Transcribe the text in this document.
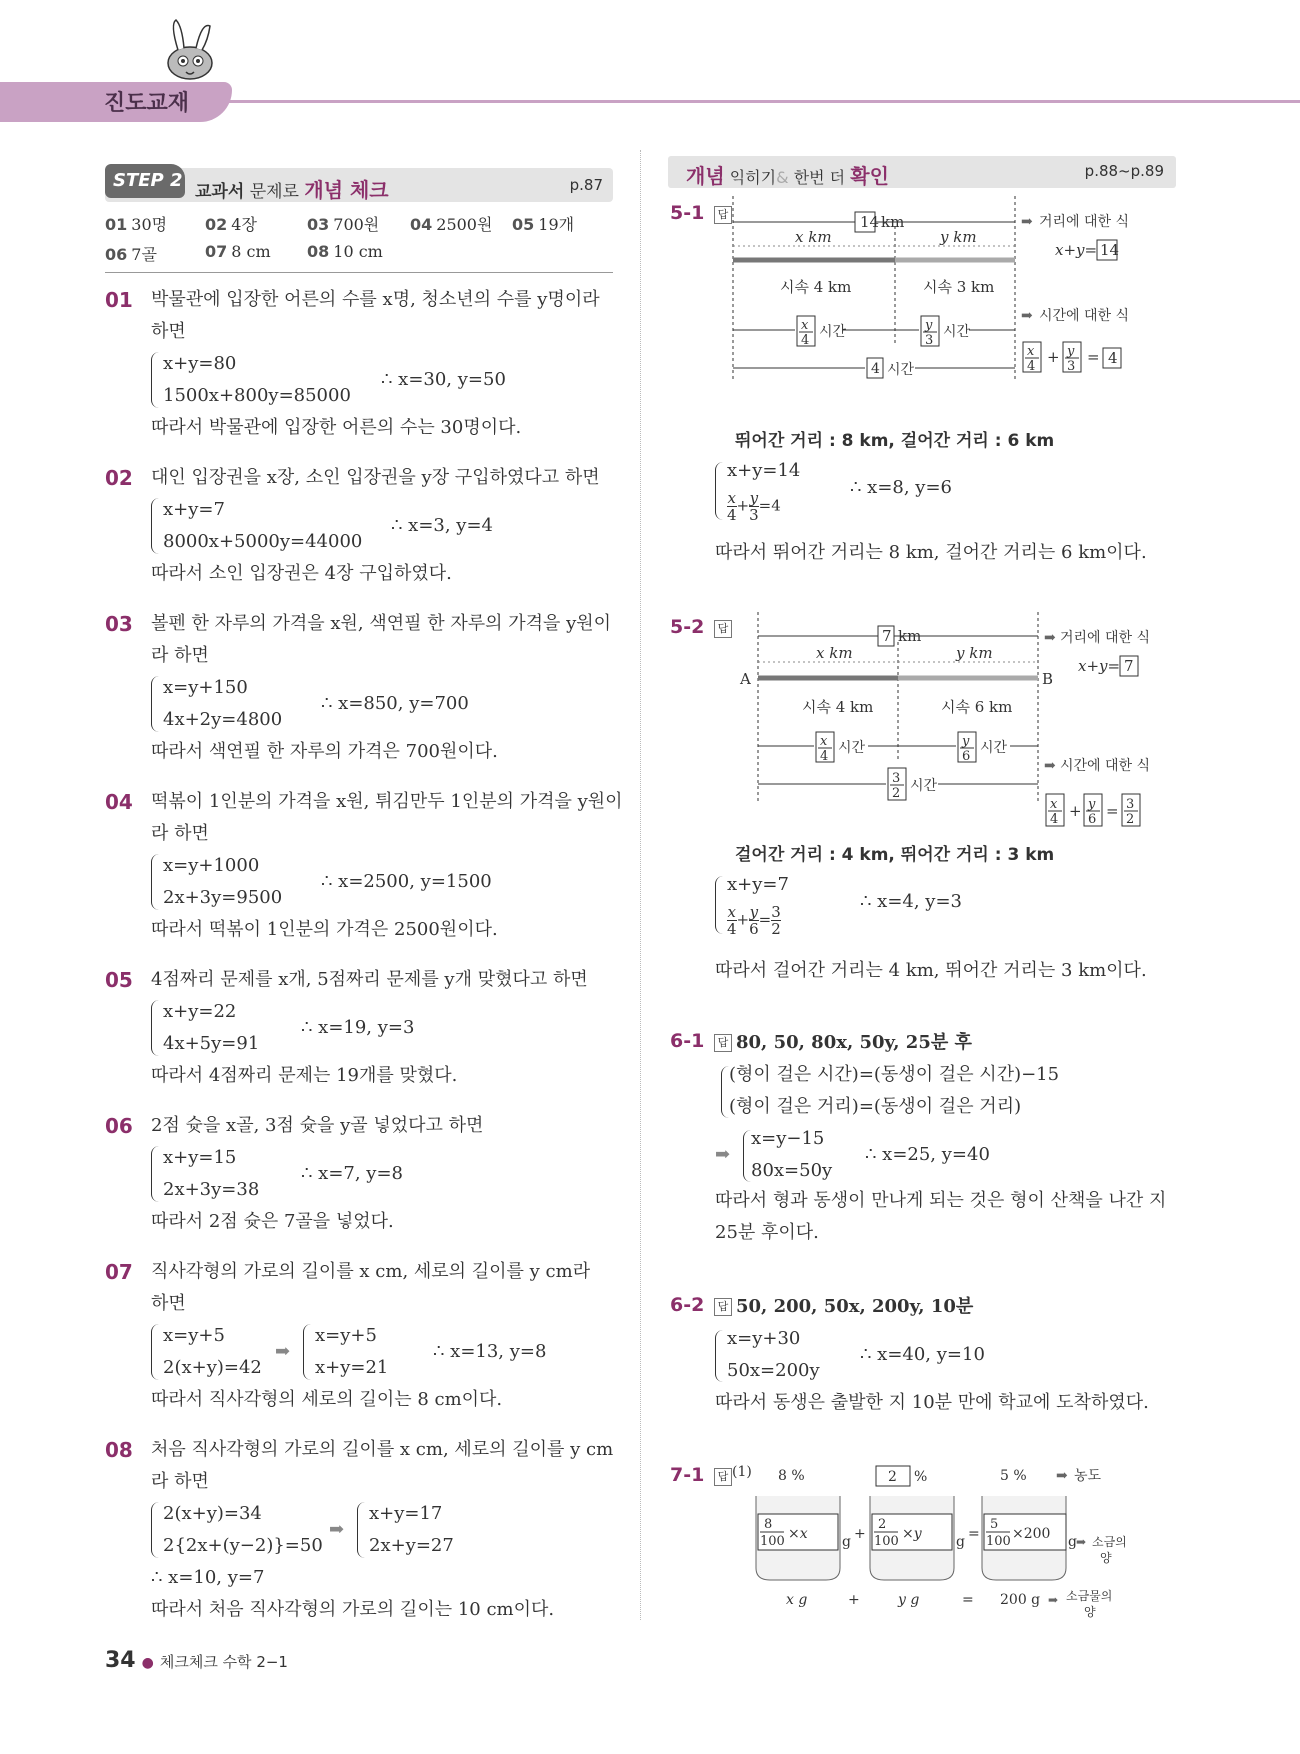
진도교재
STEP 2
교과서 문제로 개념 체크	p.87
01 30명 02 4장	03 700원 04 2500원 05 19개
06 7골	07 8 cm 08 10 cm
01 박물관에 입장한 어른의 수를 x명, 청소년의 수를 y명이라
하면
x+y=80
1500x+800y=85000
∴ x=30, y=50
따라서 박물관에 입장한 어른의 수는 30명이다.
02 대인 입장권을 x장, 소인 입장권을 y장 구입하였다고 하면
x+y=7
8000x+5000y=44000
∴ x=3, y=4
따라서 소인 입장권은 4장 구입하였다.
03 볼펜 한 자루의 가격을 x원, 색연필 한 자루의 가격을 y원이
라 하면
x=y+150
4x+2y=4800
∴ x=850, y=700
따라서 색연필 한 자루의 가격은 700원이다.
04 떡볶이 1인분의 가격을 x원, 튀김만두 1인분의 가격을 y원이
라 하면
x=y+1000
2x+3y=9500
∴ x=2500, y=1500
따라서 떡볶이 1인분의 가격은 2500원이다.
05 4점짜리 문제를 x개, 5점짜리 문제를 y개 맞혔다고 하면
x+y=22
4x+5y=91
∴ x=19, y=3
따라서 4점짜리 문제는 19개를 맞혔다.
06 2점 슛을 x골, 3점 슛을 y골 넣었다고 하면
x+y=15
2x+3y=38
∴ x=7, y=8
따라서 2점 슛은 7골을 넣었다.
07 직사각형의 가로의 길이를 x cm, 세로의 길이를 y cm라
하면
x=y+5
2(x+y)=42
➡
x=y+5
x+y=21
∴ x=13, y=8
따라서 직사각형의 세로의 길이는 8 cm이다.
08 처음 직사각형의 가로의 길이를 x cm, 세로의 길이를 y cm
라 하면
2(x+y)=34
2{2x+(y−2)}=50
➡
x+y=17
2x+y=27
∴ x=10, y=7
따라서 처음 직사각형의 가로의 길이는 10 cm이다.
개념 익히기& 한번 더 확인	p.88~p.89
5-1	답	14 km
x km	y km
시속 4 km	시속 3 km
x
4
시간	y
3
시간
4 시간
➡ 거리에 대한 식
x+y= 14
➡ 시간에 대한 식
x
4
+ y
3
= 4
뛰어간 거리 : 8 km, 걸어간 거리 : 6 km
x+y=14
$\frac{x}{4} + \frac{y}{3} =4$
∴ x=8, y=6
따라서 뛰어간 거리는 8 km, 걸어간 거리는 6 km이다.
5-2	답	7 km
x km	y km
A	B
시속 4 km	시속 6 km
x
4
시간	y
6
시간
3
2 시간
➡ 거리에 대한 식
x+y= 7
➡ 시간에 대한 식
x
4 + y
6 = 3
2
걸어간 거리 : 4 km, 뛰어간 거리 : 3 km
x+y=7
$\frac{x}{4} + \frac{y}{6} = \frac{3}{2}$
∴ x=4, y=3
따라서 걸어간 거리는 4 km, 뛰어간 거리는 3 km이다.
6-1	답 80, 50, 80x, 50y, 25분 후
(형이 걸은 시간)=(동생이 걸은 시간)−15
(형이 걸은 거리)=(동생이 걸은 거리)
➡
x=y−15
80x=50y
∴ x=25, y=40
따라서 형과 동생이 만나게 되는 것은 형이 산책을 나간 지
25분 후이다.
6-2	답 50, 200, 50x, 200y, 10분
x=y+30
50x=200y
∴ x=40, y=10
따라서 동생은 출발한 지 10분 만에 학교에 도착하였다.
7-1	답 (1) 8 %	2 %	5 % ➡ 농도
8
100 ×x g +
2
100 ×y g =
5
100 ×200 g ➡ 소금의
양
x g	+	y g	= 200 g ➡ 소금물의
양
34 ● 체크체크 수학 2−1
